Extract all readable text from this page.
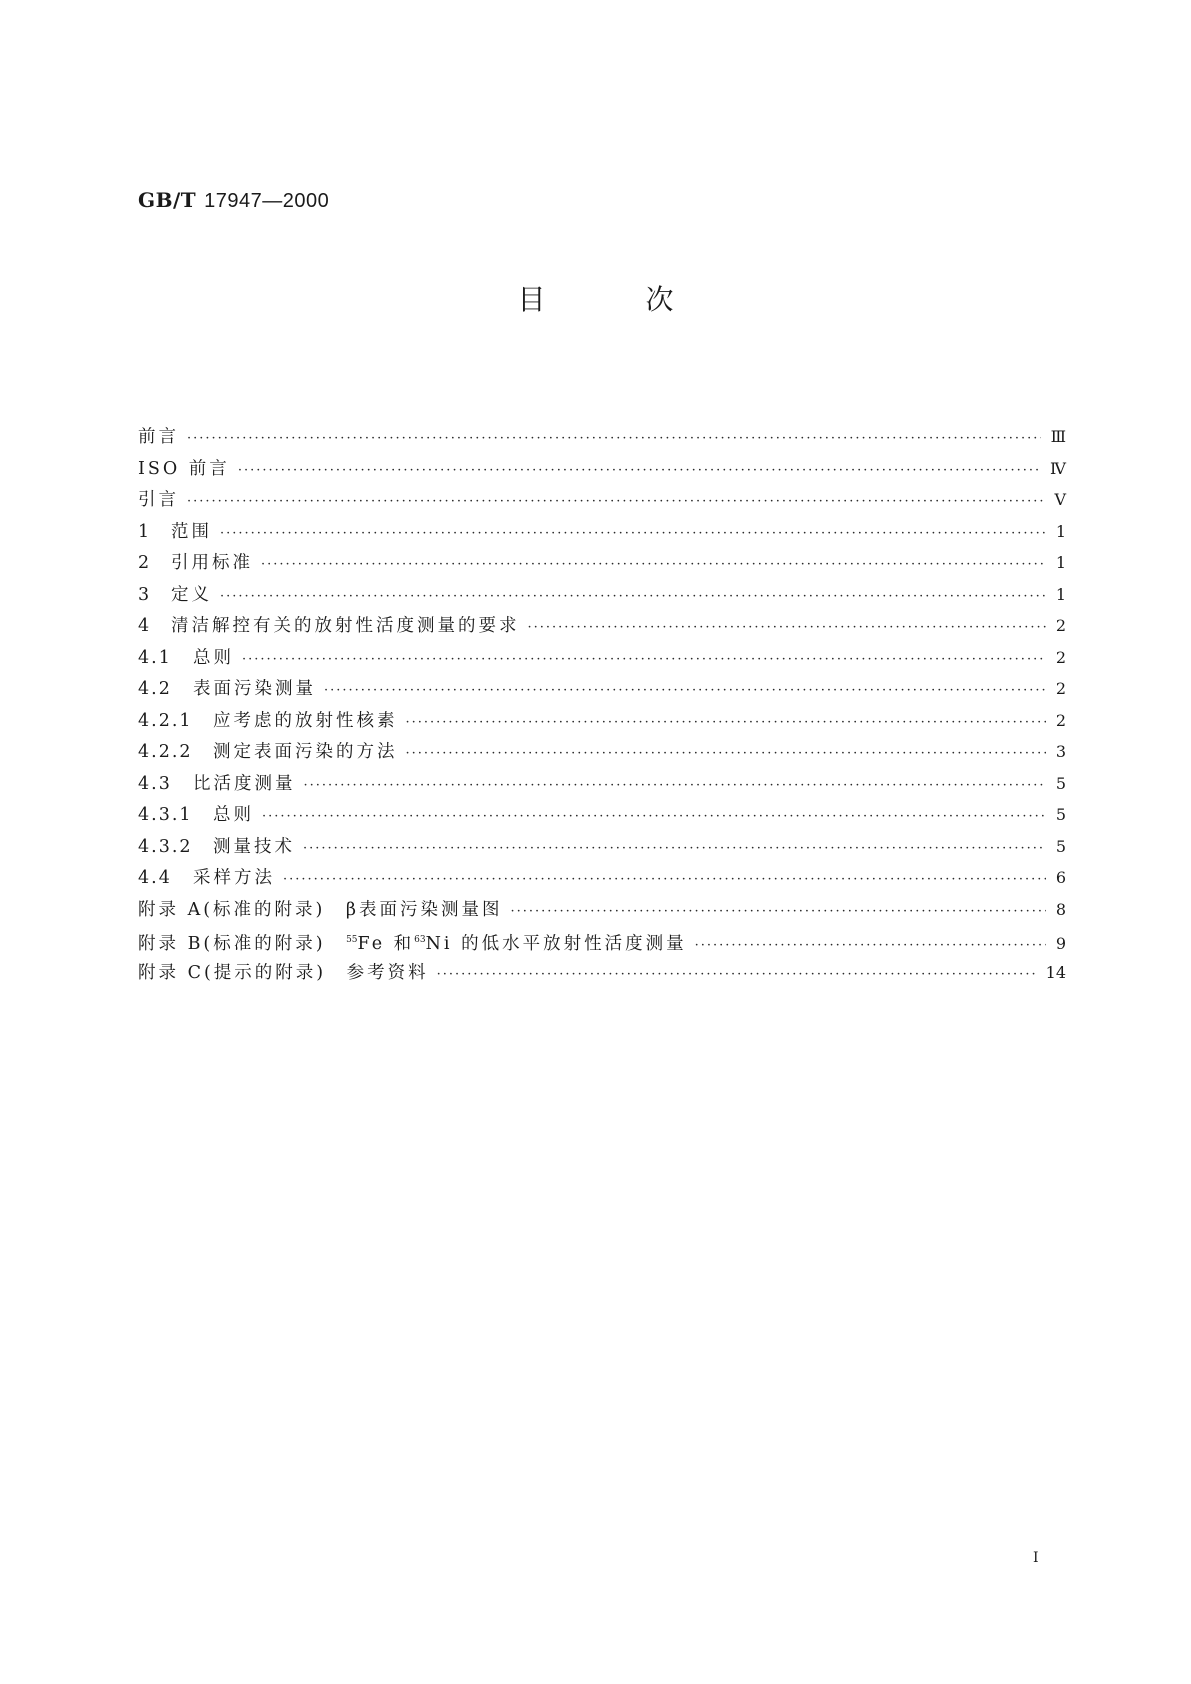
GB/T 17947—2000
目	次
前言 ·····	Ⅲ
ISO 前言 ·····	Ⅳ
引言 ·····	Ⅴ
1	范围 ·····	1
2	引用标准 ·····	1
3	定义 ·····	1
4	清洁解控有关的放射性活度测量的要求 ·····	2
4.1	总则 ·····	2
4.2	表面污染测量 ·····	2
4.2.1	应考虑的放射性核素 ·····	2
4.2.2	测定表面污染的方法 ·····	3
4.3	比活度测量 ·····	5
4.3.1	总则 ·····	5
4.3.2	测量技术 ·····	5
4.4	采样方法 ·····	6
附录 A(标准的附录)　β表面污染测量图 ·····	8
附录 B(标准的附录)　$^{55}$Fe 和$^{63}$Ni 的低水平放射性活度测量 ·····	9
附录 C(提示的附录)　参考资料 ·····	14
I
